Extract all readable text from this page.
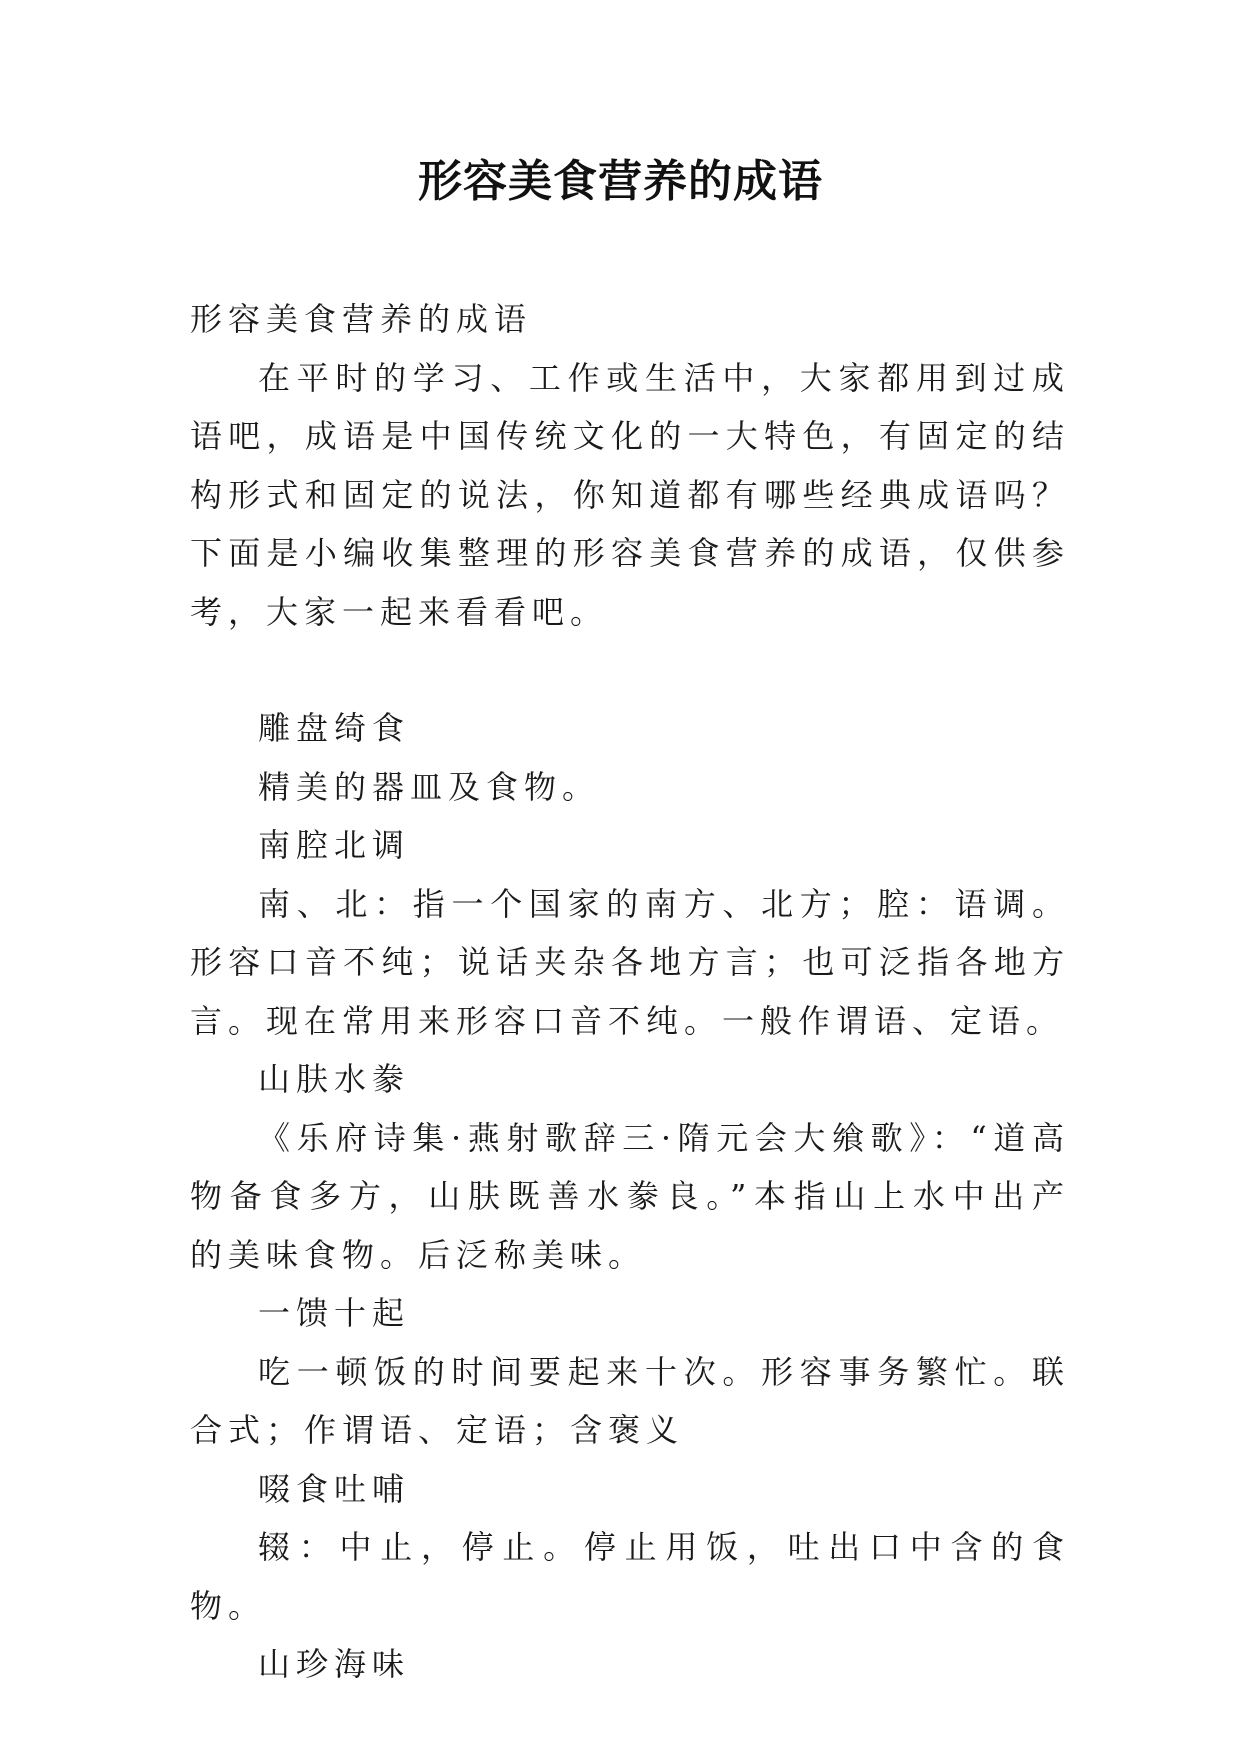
形容美食营养的成语
形容美食营养的成语

在平时的学习、工作或生活中，大家都用到过成语吧，成语是中国传统文化的一大特色，有固定的结构形式和固定的说法，你知道都有哪些经典成语吗？下面是小编收集整理的形容美食营养的成语，仅供参考，大家一起来看看吧。

雕盘绮食

精美的器皿及食物。

南腔北调

南、北：指一个国家的南方、北方；腔：语调。形容口音不纯；说话夹杂各地方言；也可泛指各地方言。现在常用来形容口音不纯。一般作谓语、定语。

山肤水豢

《乐府诗集·燕射歌辞三·隋元会大飨歌》：“道高物备食多方，山肤既善水豢良。”本指山上水中出产的美味食物。后泛称美味。

一馈十起

吃一顿饭的时间要起来十次。形容事务繁忙。联合式；作谓语、定语；含褒义

啜食吐哺

辍：中止，停止。停止用饭，吐出口中含的食物。

山珍海味
